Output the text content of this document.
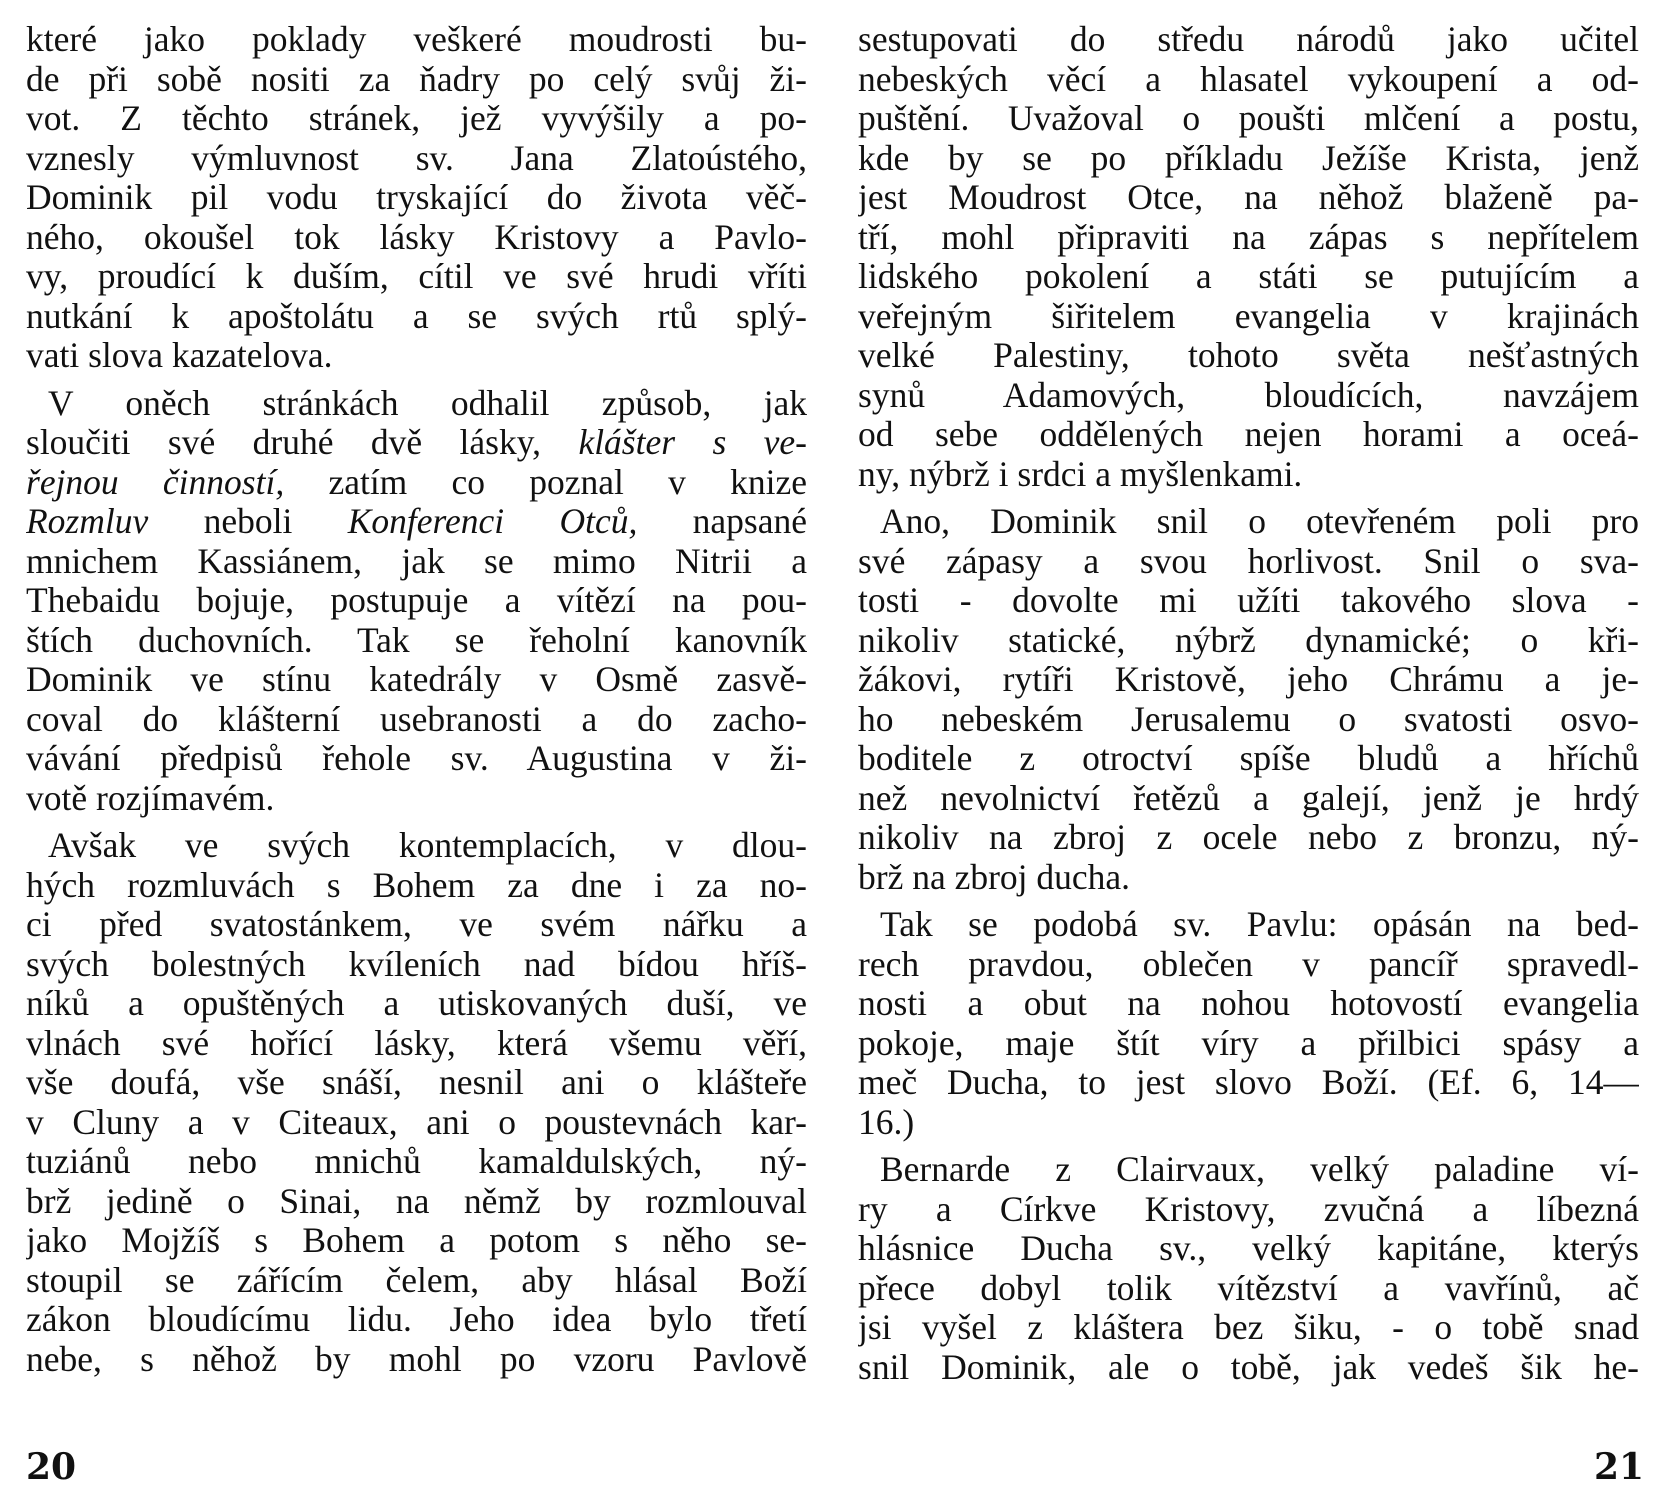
které jako poklady veškeré moudrosti bu-
de při sobě nositi za ňadry po celý svůj ži-
vot. Z těchto stránek, jež vyvýšily a po-
vznesly výmluvnost sv. Jana Zlatoústého,
Dominik pil vodu tryskající do života věč-
ného, okoušel tok lásky Kristovy a Pavlo-
vy, proudící k duším, cítil ve své hrudi vříti
nutkání k apoštolátu a se svých rtů splý-
vati slova kazatelova.
V oněch stránkách odhalil způsob, jak
sloučiti své druhé dvě lásky, klášter s ve-
řejnou činností, zatím co poznal v knize
Rozmluv neboli Konferenci Otců, napsané
mnichem Kassiánem, jak se mimo Nitrii a
Thebaidu bojuje, postupuje a vítězí na pou-
štích duchovních. Tak se řeholní kanovník
Dominik ve stínu katedrály v Osmě zasvě-
coval do klášterní usebranosti a do zacho-
vávání předpisů řehole sv. Augustina v ži-
votě rozjímavém.
Avšak ve svých kontemplacích, v dlou-
hých rozmluvách s Bohem za dne i za no-
ci před svatostánkem, ve svém nářku a
svých bolestných kvíleních nad bídou hříš-
níků a opuštěných a utiskovaných duší, ve
vlnách své hořící lásky, která všemu věří,
vše doufá, vše snáší, nesnil ani o klášteře
v Cluny a v Citeaux, ani o poustevnách kar-
tuziánů nebo mnichů kamaldulských, ný-
brž jedině o Sinai, na němž by rozmlouval
jako Mojžíš s Bohem a potom s něho se-
stoupil se zářícím čelem, aby hlásal Boží
zákon bloudícímu lidu. Jeho idea bylo třetí
nebe, s něhož by mohl po vzoru Pavlově
20
sestupovati do středu národů jako učitel
nebeských věcí a hlasatel vykoupení a od-
puštění. Uvažoval o poušti mlčení a postu,
kde by se po příkladu Ježíše Krista, jenž
jest Moudrost Otce, na něhož blaženě pa-
tří, mohl připraviti na zápas s nepřítelem
lidského pokolení a státi se putujícím a
veřejným šiřitelem evangelia v krajinách
velké Palestiny, tohoto světa nešťastných
synů Adamových, bloudících, navzájem
od sebe oddělených nejen horami a oceá-
ny, nýbrž i srdci a myšlenkami.
Ano, Dominik snil o otevřeném poli pro
své zápasy a svou horlivost. Snil o sva-
tosti - dovolte mi užíti takového slova -
nikoliv statické, nýbrž dynamické; o kři-
žákovi, rytíři Kristově, jeho Chrámu a je-
ho nebeském Jerusalemu o svatosti osvo-
boditele z otroctví spíše bludů a hříchů
než nevolnictví řetězů a galejí, jenž je hrdý
nikoliv na zbroj z ocele nebo z bronzu, ný-
brž na zbroj ducha.
Tak se podobá sv. Pavlu: opásán na bed-
rech pravdou, oblečen v pancíř spravedl-
nosti a obut na nohou hotovostí evangelia
pokoje, maje štít víry a přilbici spásy a
meč Ducha, to jest slovo Boží. (Ef. 6, 14—
16.)
Bernarde z Clairvaux, velký paladine ví-
ry a Církve Kristovy, zvučná a líbezná
hlásnice Ducha sv., velký kapitáne, kterýs
přece dobyl tolik vítězství a vavřínů, ač
jsi vyšel z kláštera bez šiku, - o tobě snad
snil Dominik, ale o tobě, jak vedeš šik he-
21
